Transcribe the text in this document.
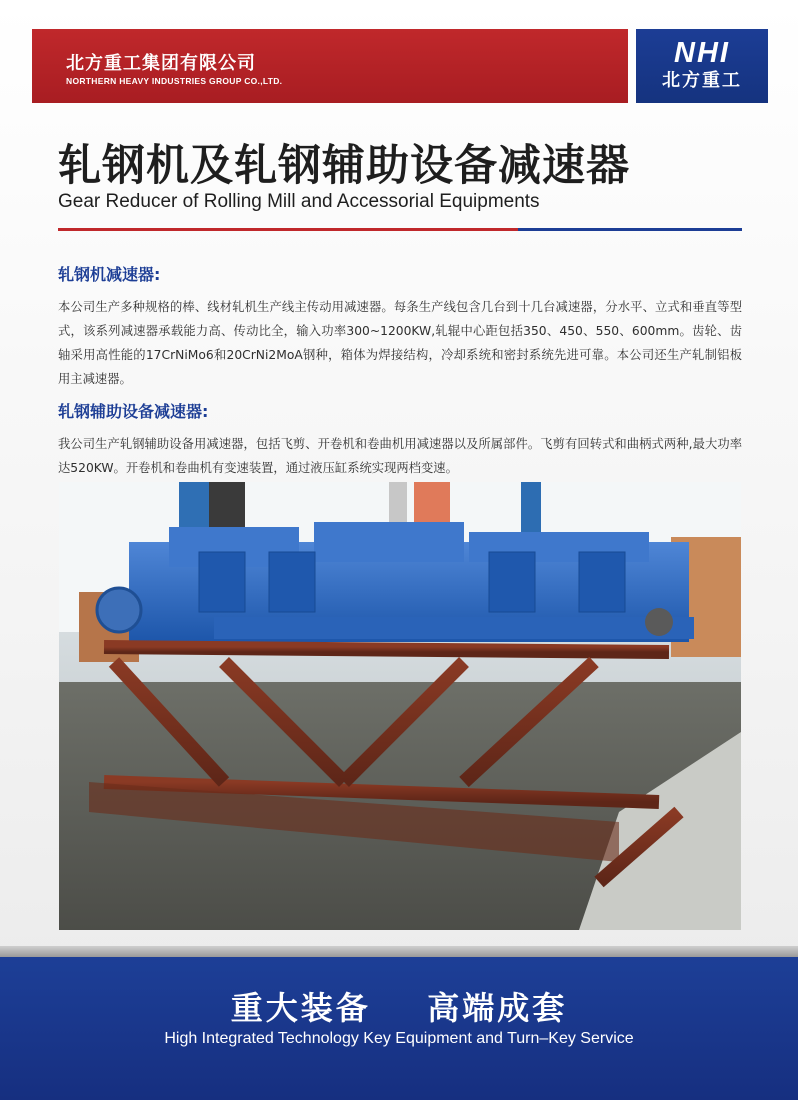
北方重工集团有限公司
NORTHERN HEAVY INDUSTRIES GROUP CO.,LTD.
NHI
北方重工
轧钢机及轧钢辅助设备减速器
Gear Reducer of Rolling Mill and Accessorial Equipments
轧钢机减速器:
本公司生产多种规格的棒、线材轧机生产线主传动用减速器。每条生产线包含几台到十几台减速器，分水平、立式和垂直等型式，该系列减速器承载能力高、传动比全，输入功率300~1200KW,轧辊中心距包括350、450、550、600mm。齿轮、齿轴采用高性能的17CrNiMo6和20CrNi2MoA钢种，箱体为焊接结构，冷却系统和密封系统先进可靠。本公司还生产轧制铝板用主减速器。
轧钢辅助设备减速器:
我公司生产轧钢辅助设备用减速器，包括飞剪、开卷机和卷曲机用减速器以及所属部件。飞剪有回转式和曲柄式两种,最大功率达520KW。开卷机和卷曲机有变速装置，通过液压缸系统实现两档变速。
重大装备    高端成套
High Integrated Technology Key Equipment and Turn–Key Service
